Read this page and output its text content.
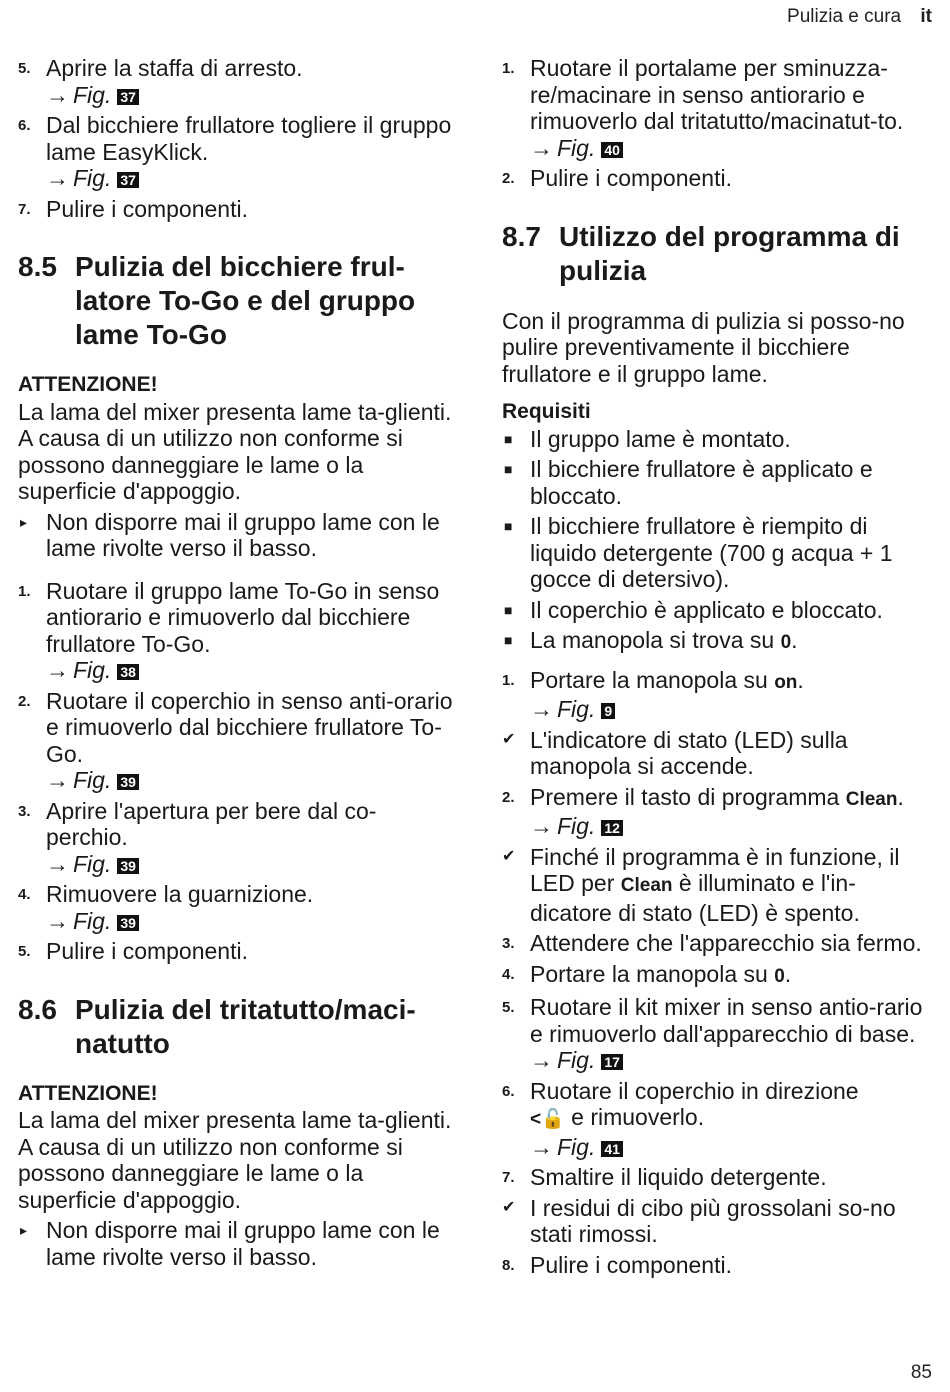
Pulizia e cura it
5. Aprire la staffa di arresto.
→ Fig. 37
6. Dal bicchiere frullatore togliere il gruppo lame EasyKlick.
→ Fig. 37
7. Pulire i componenti.
8.5 Pulizia del bicchiere frul-latore To-Go e del gruppo lame To-Go
ATTENZIONE!
La lama del mixer presenta lame ta-glienti. A causa di un utilizzo non conforme si possono danneggiare le lame o la superficie d'appoggio.
▸ Non disporre mai il gruppo lame con le lame rivolte verso il basso.
1. Ruotare il gruppo lame To-Go in senso antiorario e rimuoverlo dal bicchiere frullatore To-Go.
→ Fig. 38
2. Ruotare il coperchio in senso anti-orario e rimuoverlo dal bicchiere frullatore To-Go.
→ Fig. 39
3. Aprire l'apertura per bere dal co-perchio.
→ Fig. 39
4. Rimuovere la guarnizione.
→ Fig. 39
5. Pulire i componenti.
8.6 Pulizia del tritatutto/maci-natutto
ATTENZIONE!
La lama del mixer presenta lame ta-glienti. A causa di un utilizzo non conforme si possono danneggiare le lame o la superficie d'appoggio.
▸ Non disporre mai il gruppo lame con le lame rivolte verso il basso.
1. Ruotare il portalame per sminuzza-re/macinare in senso antiorario e rimuoverlo dal tritatutto/macinatut-to.
→ Fig. 40
2. Pulire i componenti.
8.7 Utilizzo del programma di pulizia
Con il programma di pulizia si posso-no pulire preventivamente il bicchiere frullatore e il gruppo lame.
Requisiti
■ Il gruppo lame è montato.
■ Il bicchiere frullatore è applicato e bloccato.
■ Il bicchiere frullatore è riempito di liquido detergente (700 g acqua + 1 gocce di detersivo).
■ Il coperchio è applicato e bloccato.
■ La manopola si trova su 0.
1. Portare la manopola su on.
→ Fig. 9
✔ L'indicatore di stato (LED) sulla manopola si accende.
2. Premere il tasto di programma Clean.
→ Fig. 12
✔ Finché il programma è in funzione, il LED per Clean è illuminato e l'in-dicatore di stato (LED) è spento.
3. Attendere che l'apparecchio sia fermo.
4. Portare la manopola su 0.
5. Ruotare il kit mixer in senso antio-rario e rimuoverlo dall'apparecchio di base.
→ Fig. 17
6. Ruotare il coperchio in direzione
<🔓 e rimuoverlo.
→ Fig. 41
7. Smaltire il liquido detergente.
✔ I residui di cibo più grossolani so-no stati rimossi.
8. Pulire i componenti.
85
